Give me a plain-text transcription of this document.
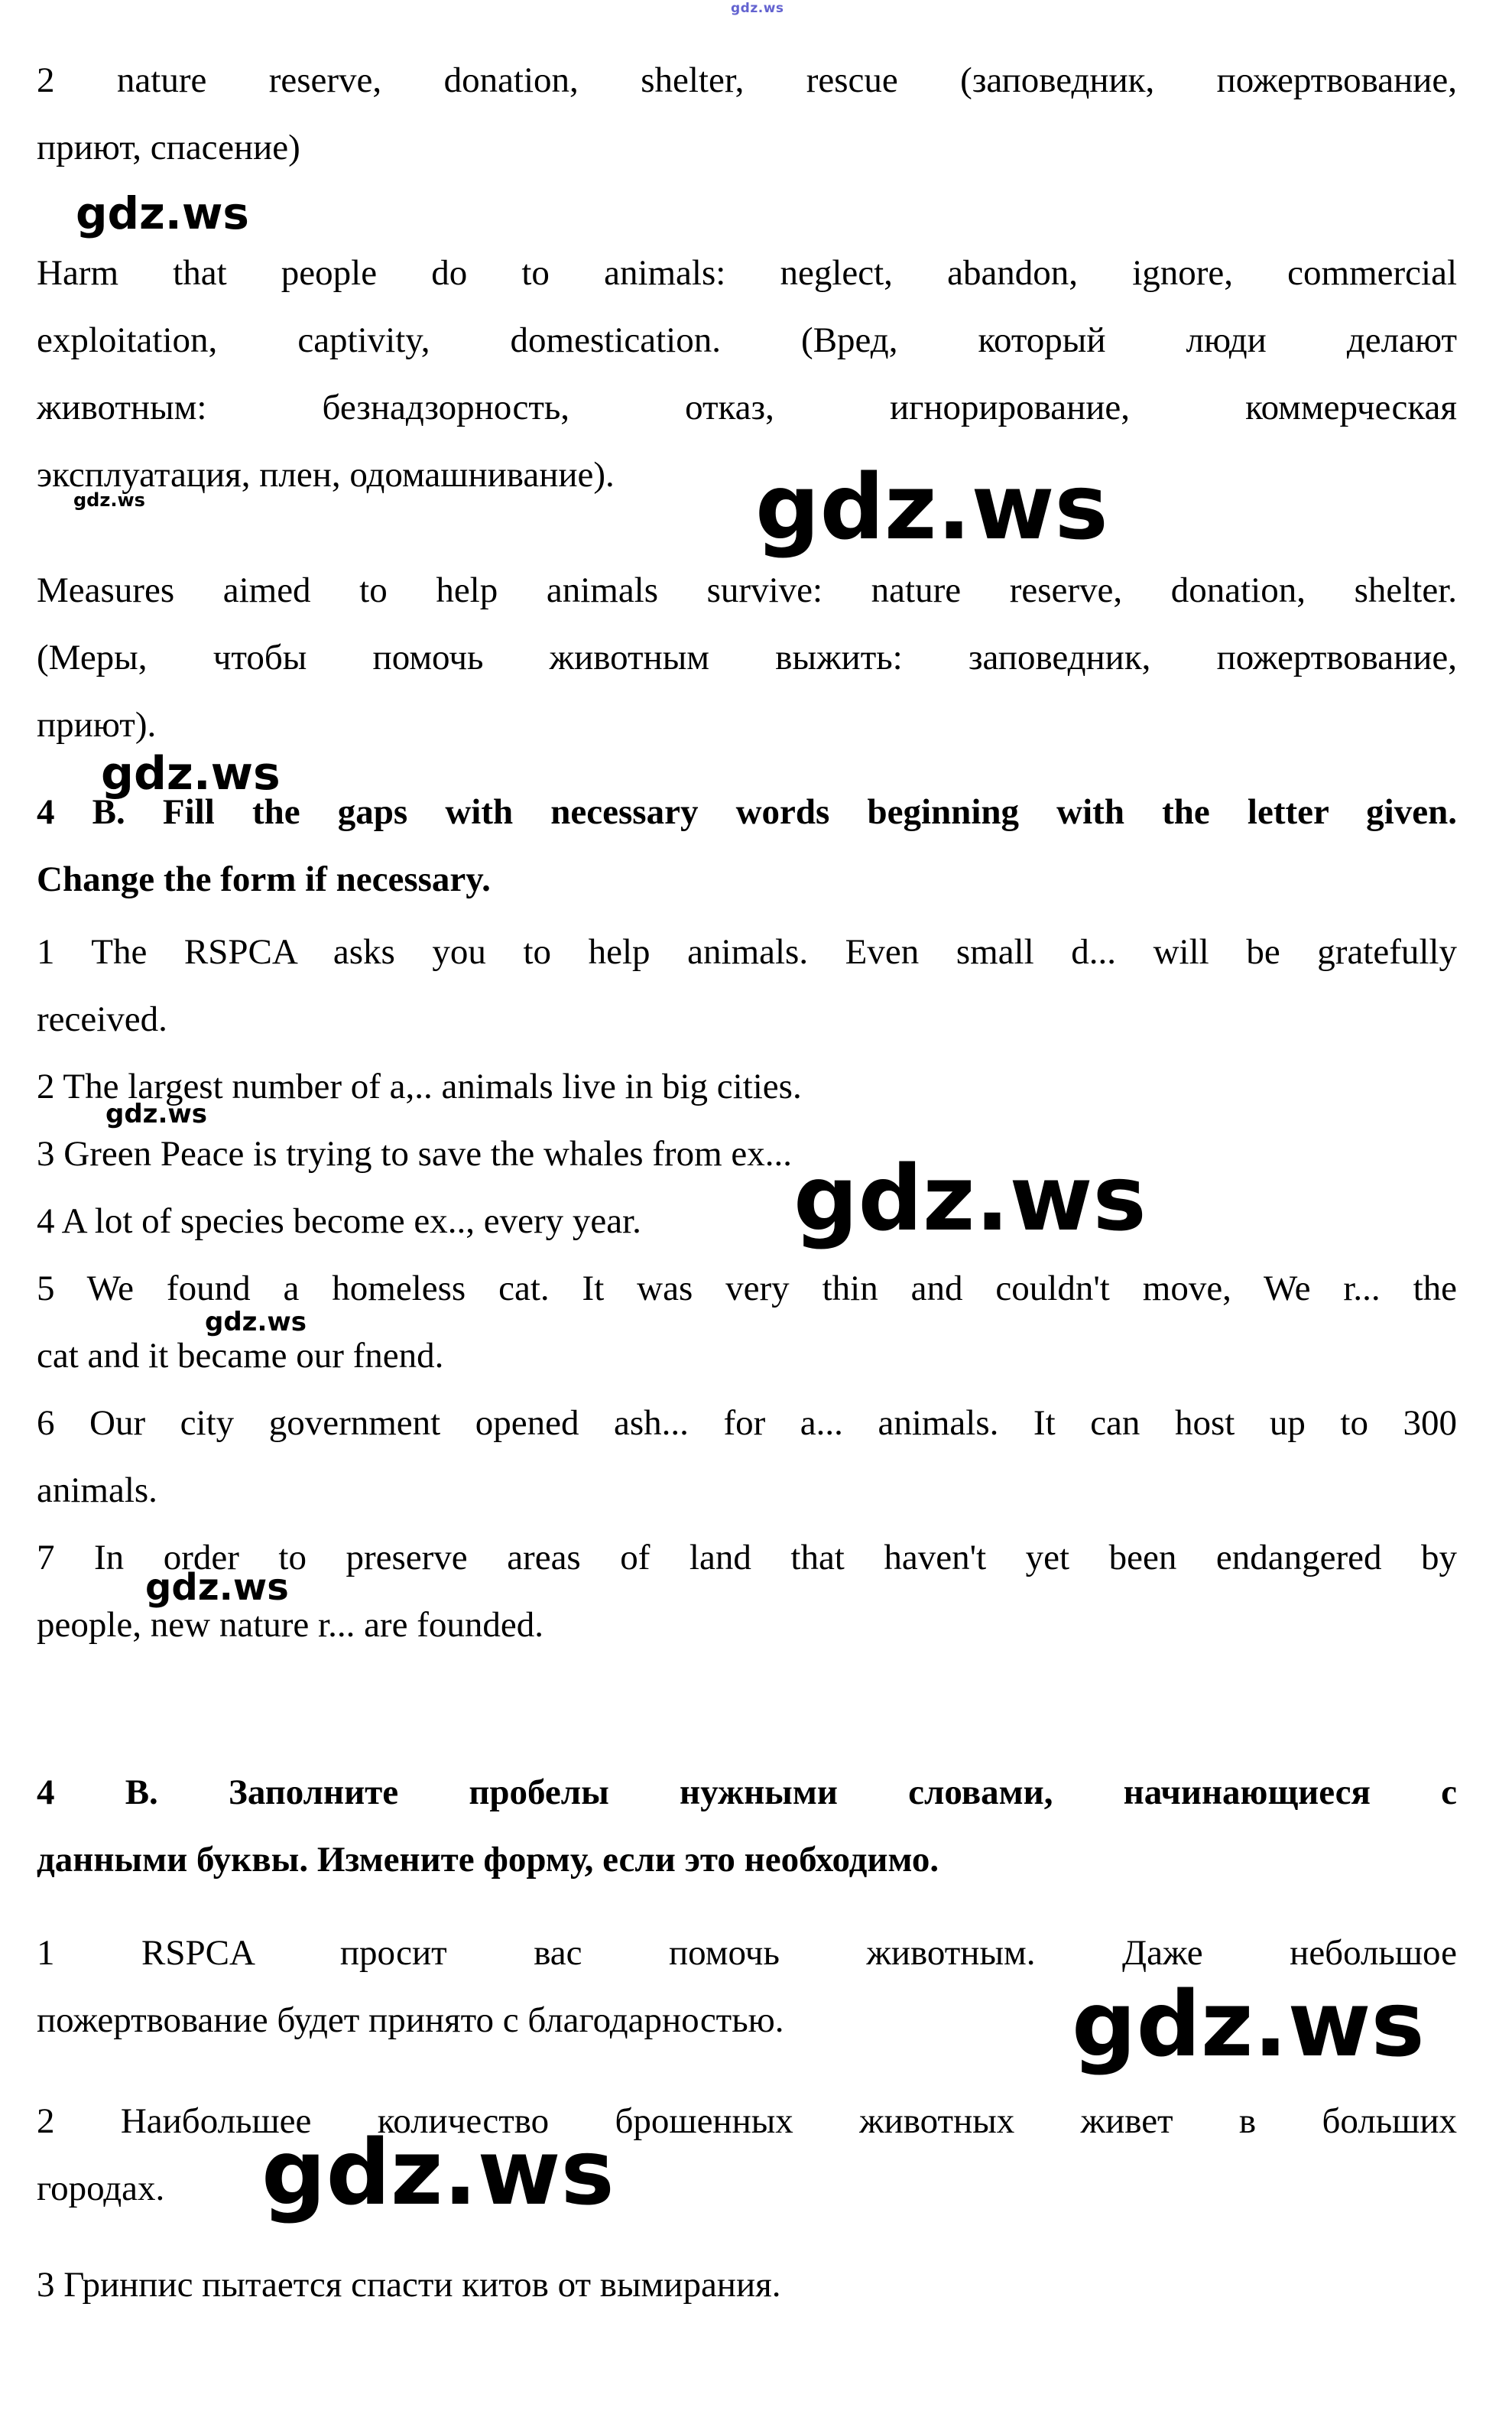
gdz.ws
gdz.ws
gdz.ws	gdz.ws
gdz.ws
gdz.ws
gdz.ws
gdz.ws
gdz.ws
gdz.ws
gdz.ws
2 nature reserve, donation, shelter, rescue (заповедник, пожертвование,
приют, спасение)
Harm that people do to animals: neglect, abandon, ignore, commercial
exploitation, captivity, domestication. (Вред, который люди делают
животным: безнадзорность, отказ, игнорирование, коммерческая
эксплуатация, плен, одомашнивание).
Measures aimed to help animals survive: nature reserve, donation, shelter.
(Меры, чтобы помочь животным выжить: заповедник, пожертвование,
приют).
4 B. Fill the gaps with necessary words beginning with the letter given.
Change the form if necessary.
1 The RSPCA asks you to help animals. Even small d... will be gratefully
received.
2 The largest number of a,.. animals live in big cities.
3 Green Peace is trying to save the whales from ex...
4 A lot of species become ex.., every year.
5 We found a homeless cat. It was very thin and couldn't move, We r... the
cat and it became our fnend.
6 Our city government opened ash... for a... animals. It can host up to 300
animals.
7 In order to preserve areas of land that haven't yet been endangered by
people, new nature r... are founded.
4 В. Заполните пробелы нужными словами, начинающиеся с
данными буквы. Измените форму, если это необходимо.
1 RSPCA просит вас помочь животным. Даже небольшое
пожертвование будет принято с благодарностью.
2 Наибольшее количество брошенных животных живет в больших
городах.
3 Гринпис пытается спасти китов от вымирания.
